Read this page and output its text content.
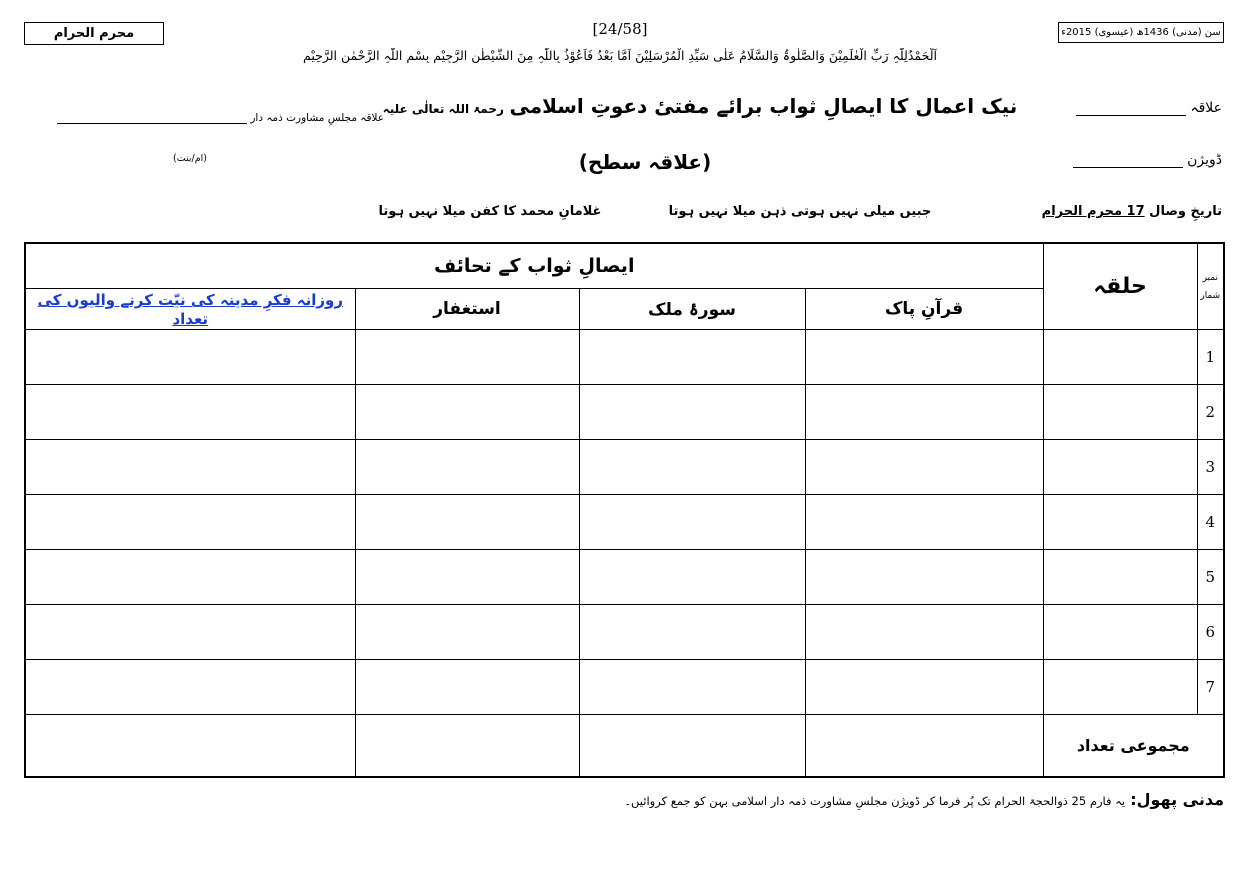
محرم الحرام	[24/58]	سن (مدنی) 1436ھ (عیسوی) 2015ء
اَلْحَمْدُلِلّٰہِ رَبِّ الْعٰلَمِیْنَ وَالصَّلٰوۃُ وَالسَّلَامُ عَلٰی سَیِّدِ الْمُرْسَلِیْنَ اَمَّا بَعْدُ فَاَعُوْذُ بِاللّٰہِ مِنَ الشَّیْطٰنِ الرَّجِیْمِ بِسْمِ اللّٰہِ الرَّحْمٰنِ الرَّحِیْمِ
علاقہ
نیک اعمال کا ایصالِ ثواب برائے مفتیٔ دعوتِ اسلامی رحمۃ اللہ تعالٰی علیہ
علاقہ مجلسِ مشاورت ذمہ دار
(ام/بنت)	ڈویژن
(علاقہ سطح)
تاریخِ وصال 17 محرم الحرام
جبیں میلی نہیں ہوتی ذہن میلا نہیں ہوتا
غلامانِ محمد کا کفن میلا نہیں ہوتا
نمبر شمار	حلقہ	ایصالِ ثواب کے تحائف			
		قرآنِ پاک	سورۂ ملک	استغفار	روزانہ فکرِ مدینہ کی نیّت کرنے والیوں کی تعداد
1					
2					
3					
4					
5					
6					
7					
مجموعی تعداد					
مدنی پھول: یہ فارم 25 ذوالحجۃ الحرام تک پُر فرما کر ڈویژن مجلسِ مشاورت ذمہ دار اسلامی بہن کو جمع کروائیں۔
